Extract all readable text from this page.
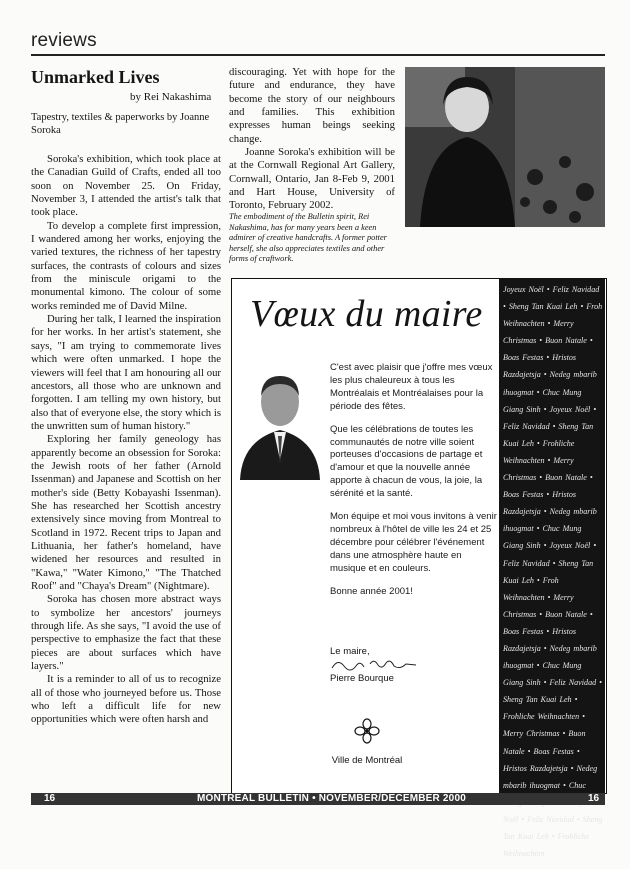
reviews
Unmarked Lives
by Rei Nakashima
Tapestry, textiles & paperworks by Joanne Soroka

Soroka's exhibition, which took place at the Canadian Guild of Crafts, ended all too soon on November 25. On Friday, November 3, I attended the artist's talk that took place.

To develop a complete first impression, I wandered among her works, enjoying the varied textures, the richness of her tapestry surfaces, the contrasts of colours and sizes from the miniscule origami to the monumental kimono. The colour of some works reminded me of David Milne.

During her talk, I learned the inspiration for her works. In her artist's statement, she says, "I am trying to commemorate lives which were often unmarked. I hope the viewers will feel that I am honouring all our ancestors, all those who are unknown and forgotten. I am telling my own history, but also that of everyone else, the story which is the unwritten sum of human history."

Exploring her family geneology has apparently become an obsession for Soroka: the Jewish roots of her father (Arnold Issenman) and Japanese and Scottish on her mother's side (Betty Kobayashi Issenman). She has researched her Scottish ancestry extensively since moving from Montreal to Scotland in 1972. Recent trips to Japan and Lithuania, her father's homeland, have widened her resources and resulted in "Kawa," "Water Kimono," "The Thatched Roof" and "Chaya's Dream" (Nightmare).

Soroka has chosen more abstract ways to symbolize her ancestors' journeys through life. As she says, "I avoid the use of perspective to emphasize the fact that these pieces are about surfaces which have layers."

It is a reminder to all of us to recognize all of those who journeyed before us. Those who left a difficult life for new opportunities which were often harsh and

discouraging. Yet with hope for the future and endurance, they have become the story of our neighbours and families. This exhibition expresses human beings seeking change.

Joanne Soroka's exhibition will be at the Cornwall Regional Art Gallery, Cornwall, Ontario, Jan 8-Feb 9, 2001 and Hart House, University of Toronto, February 2002.

The embodiment of the Bulletin spirit, Rei Nakashima, has for many years been a keen admirer of creative handcrafts. A former potter herself, she also appreciates textiles and other forms of craftwork.
Vœux du maire

C'est avec plaisir que j'offre mes vœux les plus chaleureux à tous les Montréalais et Montréalaises pour la période des fêtes.

Que les célébrations de toutes les communautés de notre ville soient porteuses d'occasions de partage et d'amour et que la nouvelle année apporte à chacun de vous, la joie, la sérénité et la santé.

Mon équipe et moi vous invitons à venir nombreux à l'hôtel de ville les 24 et 25 décembre pour célébrer l'événement dans une atmosphère haute en musique et en couleurs.

Bonne année 2001!

Le maire,
Pierre Bourque
Ville de Montréal
Joyeux Noël • Feliz Navidad • Sheng Tan Kuai Leh • Froh Weihnachten • Merry Christmas • Buon Natale • Boas Festas • Hristos Razdajetsja • Nedeg mbarib ihuogmat • Chuc Mung Giang Sinh • Joyeux Noël • Feliz Navidad • Sheng Tan Kuai Leh • Frohliche Weihnachten • Merry Christmas • Buon Natale • Boas Festas • Hristos Razdajetsja • Nedeg mbarib ihuogmat • Chuc Mung Giang Sinh • Joyeux Noël • Feliz Navidad • Sheng Tan Kuai Leh • Froh Weihnachten • Merry Christmas • Buon Natale • Boas Festas • Hristos Razdajetsja • Nedeg mbarib ihuogmat • Chuc Mung Giang Sinh • Feliz Navidad • Sheng Tan Kuai Leh • Frohliche Weihnachten • Merry Christmas • Buon Natale • Boas Festas • Hristos Razdajetsja • Nedeg mbarib ihuogmat • Chuc Noël • Feliz Navidad • Sheng Tan Kuai Leh • Frohliche Weihnachten
16	MONTREAL BULLETIN • NOVEMBER/DECEMBER 2000	16
